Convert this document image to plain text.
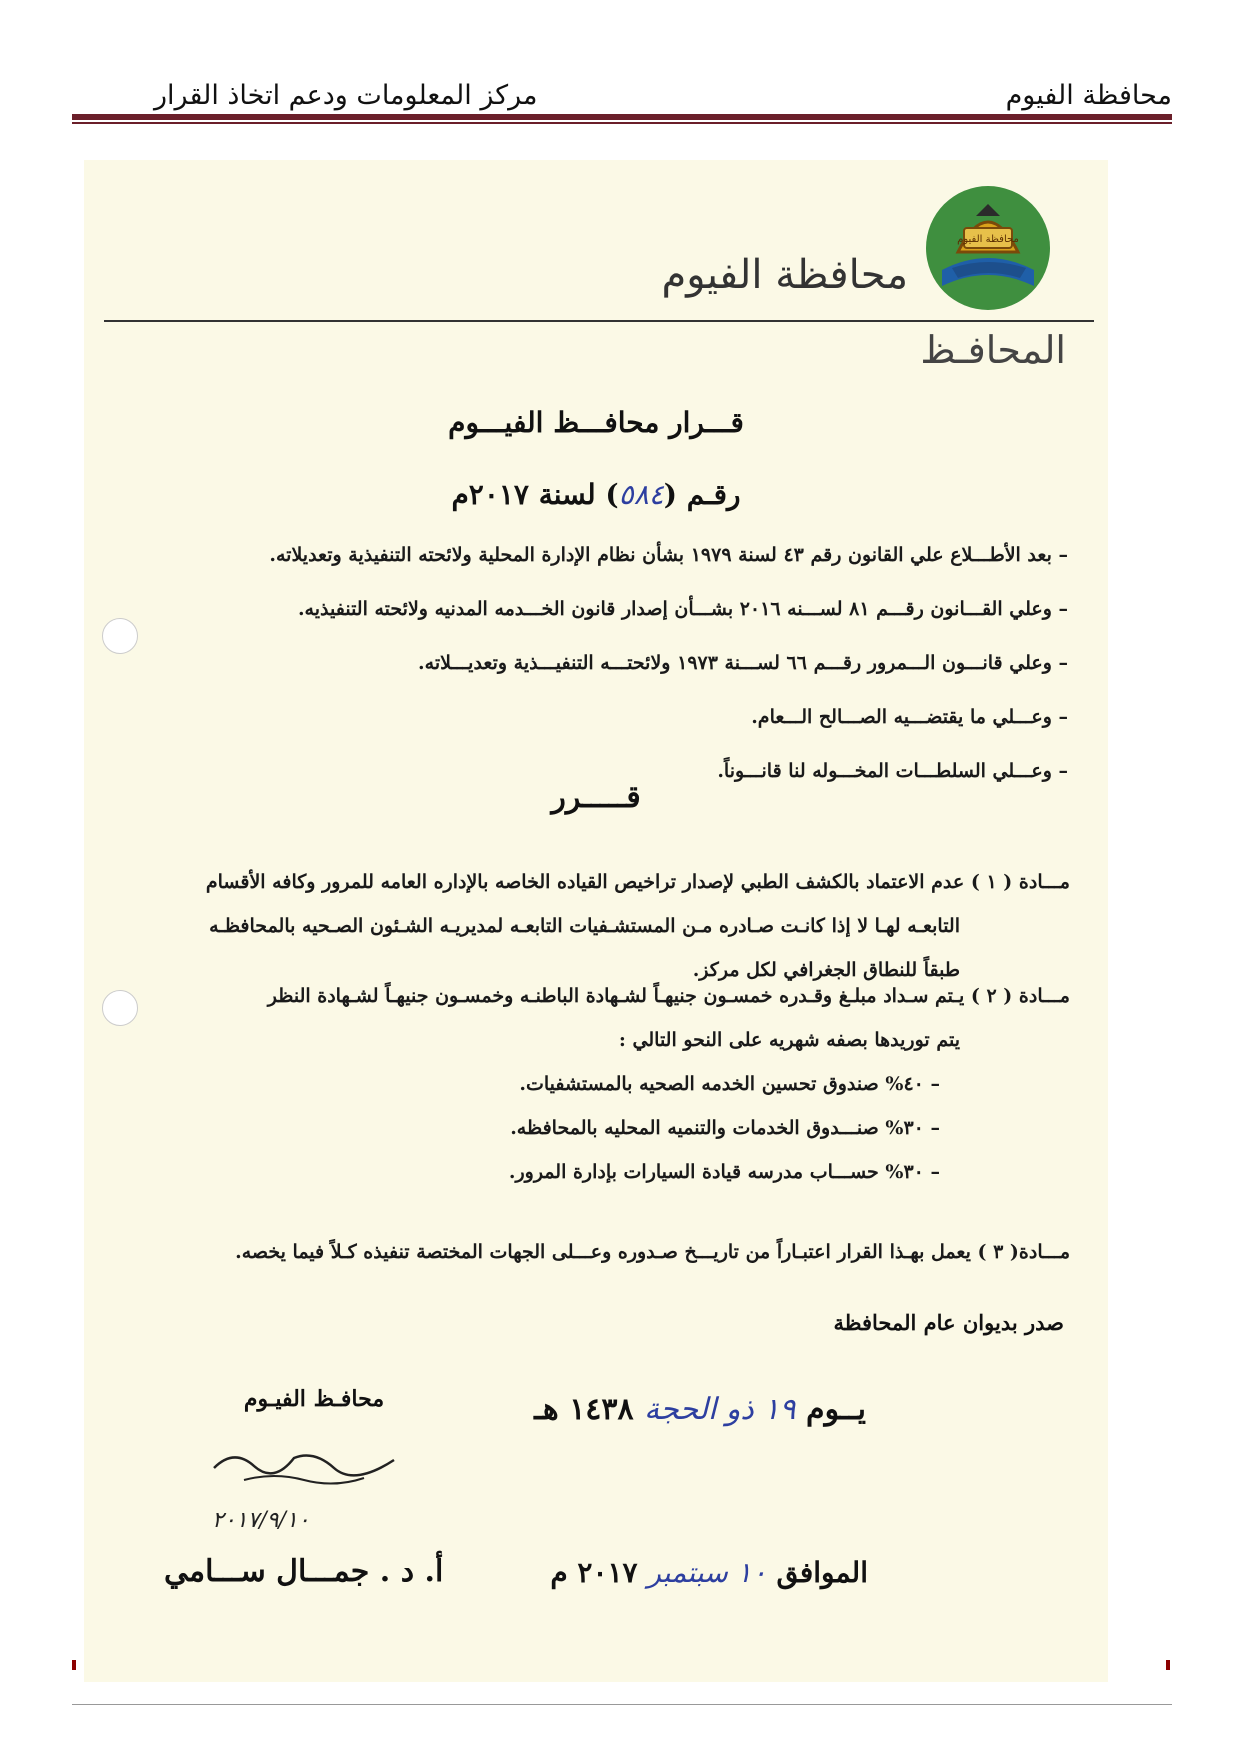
محافظة الفيوم
مركز المعلومات ودعم اتخاذ القرار
محافظة الفيوم
محافظة الفيوم
المحافـظ
قـــرار محافـــظ الفيـــوم
رقـم (٥٨٤) لسنة ٢٠١٧م
– بعد الأطـــلاع علي القانون رقم ٤٣ لسنة ١٩٧٩ بشأن نظام الإدارة المحلية ولائحته التنفيذية وتعديلاته.
– وعلي القـــانون رقـــم ٨١ لســـنه ٢٠١٦ بشـــأن إصدار قانون الخـــدمه المدنيه ولائحته التنفيذيه.
– وعلي قانـــون الـــمرور رقـــم ٦٦ لســـنة ١٩٧٣ ولائحتـــه التنفيـــذية وتعديـــلاته.
– وعـــلي ما يقتضـــيه الصـــالح الـــعام.
– وعـــلي السلطـــات المخـــوله لنا قانـــوناً.
قـــــرر
مـــادة ( ١ ) عدم الاعتماد بالكشف الطبي لإصدار تراخيص القياده الخاصه بالإداره العامه للمرور وكافه الأقسام
التابعـه لهـا لا إذا كانـت صـادره مـن المستشـفيات التابعـه لمديريـه الشـئون الصـحيه بالمحافظـه
طبقاً للنطاق الجغرافي لكل مركز.
مـــادة ( ٢ ) يـتم سـداد مبلـغ وقـدره خمسـون جنيهـاً لشـهادة الباطنـه وخمسـون جنيهـاً لشـهادة النظر
يتم توريدها بصفه شهريه على النحو التالي :
– ٤٠% صندوق تحسين الخدمه الصحيه بالمستشفيات.
– ٣٠% صنـــدوق الخدمات والتنميه المحليه بالمحافظه.
– ٣٠% حســـاب مدرسه قيادة السيارات بإدارة المرور.
مـــادة( ٣ ) يعمل بهـذا القرار اعتبـاراً من تاريـــخ صـدوره وعـــلى الجهات المختصة تنفيذه كـلاً فيما يخصه.
صدر بديوان عام المحافظة
يــوم ١٩ ذو الحجة ١٤٣٨ هـ
الموافق ١٠ سبتمبر ٢٠١٧ م
محافـظ الفيـوم
٢٠١٧/٩/١٠
أ. د . جمـــال ســـامي
